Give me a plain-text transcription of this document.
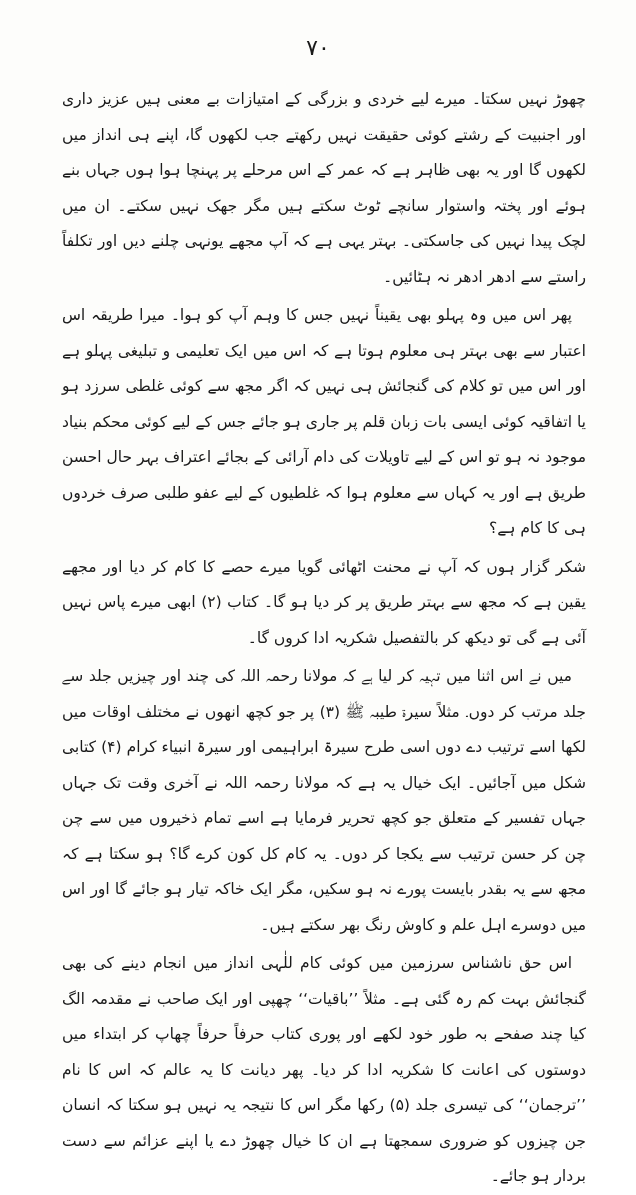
۷۰

چھوڑ نہیں سکتا۔ میرے لیے خردی و بزرگی کے امتیازات بے معنی ہیں عزیز داری اور اجنبیت کے رشتے کوئی حقیقت نہیں رکھتے جب لکھوں گا، اپنے ہی انداز میں لکھوں گا اور یہ بھی ظاہر ہے کہ عمر کے اس مرحلے پر پہنچا ہوا ہوں جہاں بنے ہوئے اور پختہ واستوار سانچے ٹوٹ سکتے ہیں مگر جھک نہیں سکتے۔ ان میں لچک پیدا نہیں کی جاسکتی۔ بہتر یہی ہے کہ آپ مجھے یونہی چلنے دیں اور تکلفاً راستے سے ادھر ادھر نہ ہٹائیں۔

پھر اس میں وہ پہلو بھی یقیناً نہیں جس کا وہم آپ کو ہوا۔ میرا طریقہ اس اعتبار سے بھی بہتر ہی معلوم ہوتا ہے کہ اس میں ایک تعلیمی و تبلیغی پہلو ہے اور اس میں تو کلام کی گنجائش ہی نہیں کہ اگر مجھ سے کوئی غلطی سرزد ہو یا اتفاقیہ کوئی ایسی بات زبان قلم پر جاری ہو جائے جس کے لیے کوئی محکم بنیاد موجود نہ ہو تو اس کے لیے تاویلات کی دام آرائی کے بجائے اعتراف بہر حال احسن طریق ہے اور یہ کہاں سے معلوم ہوا کہ غلطیوں کے لیے عفو طلبی صرف خردوں ہی کا کام ہے؟

شکر گزار ہوں کہ آپ نے محنت اٹھائی گویا میرے حصے کا کام کر دیا اور مجھے یقین ہے کہ مجھ سے بہتر طریق پر کر دیا ہو گا۔ کتاب (۲) ابھی میرے پاس نہیں آئی ہے گی تو دیکھ کر بالتفصیل شکریہ ادا کروں گا۔

میں نے اس اثنا میں تہیہ کر لیا ہے کہ مولانا رحمہ اللہ کی چند اور چیزیں جلد سے جلد مرتب کر دوں۔ مثلاً سیرۃ طیبہ ﷺ (۳) پر جو کچھ انھوں نے مختلف اوقات میں لکھا اسے ترتیب دے دوں اسی طرح سیرۃ ابراہیمی اور سیرۃ انبیاء کرام (۴) کتابی شکل میں آجائیں۔ ایک خیال یہ ہے کہ مولانا رحمہ اللہ نے آخری وقت تک جہاں جہاں تفسیر کے متعلق جو کچھ تحریر فرمایا ہے اسے تمام ذخیروں میں سے چن چن کر حسن ترتیب سے یکجا کر دوں۔ یہ کام کل کون کرے گا؟ ہو سکتا ہے کہ مجھ سے یہ بقدر بایست پورے نہ ہو سکیں، مگر ایک خاکہ تیار ہو جائے گا اور اس میں دوسرے اہل علم و کاوش رنگ بھر سکتے ہیں۔

اس حق ناشناس سرزمین میں کوئی کام للٰہی انداز میں انجام دینے کی بھی گنجائش بہت کم رہ گئی ہے۔ مثلاً ’’باقیات‘‘ چھپی اور ایک صاحب نے مقدمہ الگ کیا چند صفحے بہ طور خود لکھے اور پوری کتاب حرفاً حرفاً چھاپ کر ابتداء میں دوستوں کی اعانت کا شکریہ ادا کر دیا۔ پھر دیانت کا یہ عالم کہ اس کا نام ’’ترجمان‘‘ کی تیسری جلد (۵) رکھا مگر اس کا نتیجہ یہ نہیں ہو سکتا کہ انسان جن چیزوں کو ضروری سمجھتا ہے ان کا خیال چھوڑ دے یا اپنے عزائم سے دست بردار ہو جائے۔
